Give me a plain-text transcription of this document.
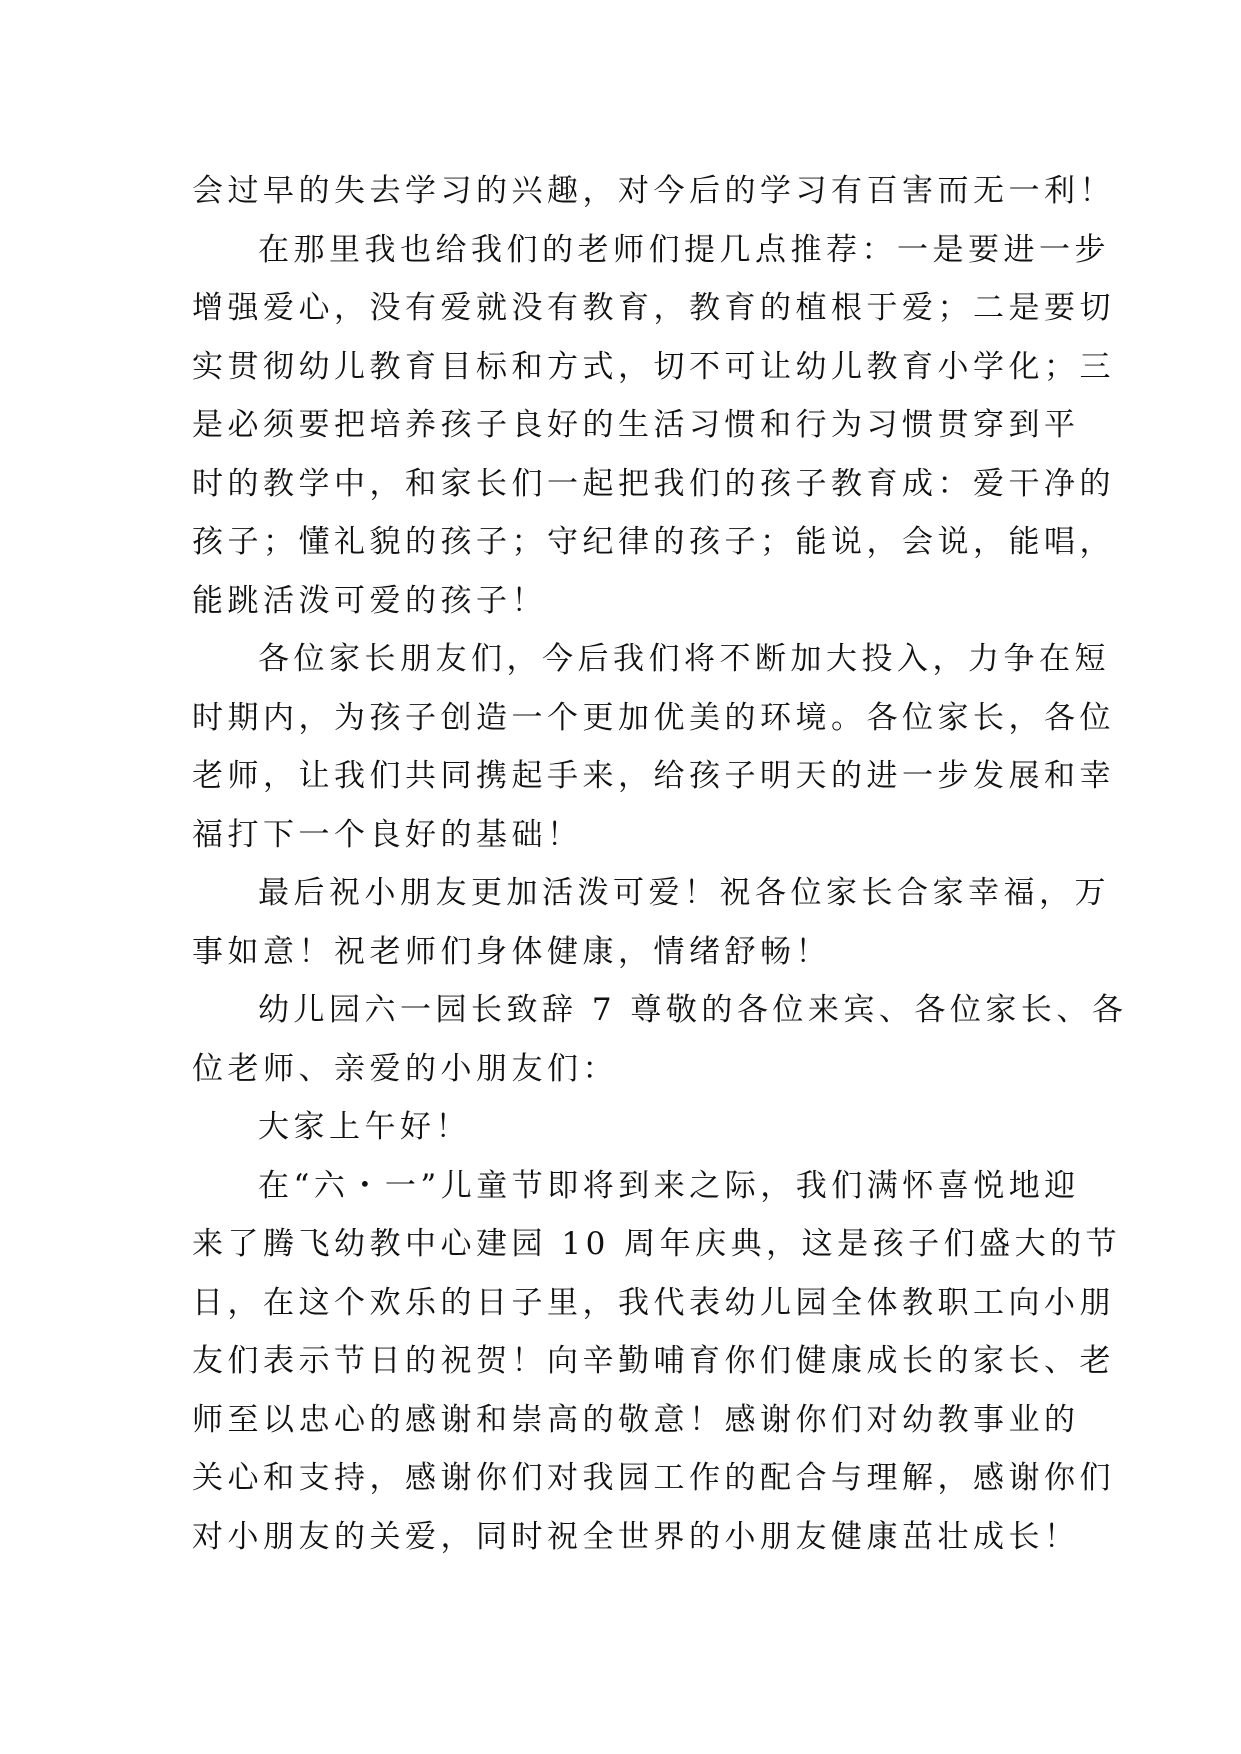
会过早的失去学习的兴趣，对今后的学习有百害而无一利！
在那里我也给我们的老师们提几点推荐：一是要进一步
增强爱心，没有爱就没有教育，教育的植根于爱；二是要切
实贯彻幼儿教育目标和方式，切不可让幼儿教育小学化；三
是必须要把培养孩子良好的生活习惯和行为习惯贯穿到平
时的教学中，和家长们一起把我们的孩子教育成：爱干净的
孩子；懂礼貌的孩子；守纪律的孩子；能说，会说，能唱，
能跳活泼可爱的孩子！
各位家长朋友们，今后我们将不断加大投入，力争在短
时期内，为孩子创造一个更加优美的环境。各位家长，各位
老师，让我们共同携起手来，给孩子明天的进一步发展和幸
福打下一个良好的基础！
最后祝小朋友更加活泼可爱！祝各位家长合家幸福，万
事如意！祝老师们身体健康，情绪舒畅！
幼儿园六一园长致辞 7 尊敬的各位来宾、各位家长、各
位老师、亲爱的小朋友们：
大家上午好！
在“六・一”儿童节即将到来之际，我们满怀喜悦地迎
来了腾飞幼教中心建园 10 周年庆典，这是孩子们盛大的节
日，在这个欢乐的日子里，我代表幼儿园全体教职工向小朋
友们表示节日的祝贺！向辛勤哺育你们健康成长的家长、老
师至以忠心的感谢和崇高的敬意！感谢你们对幼教事业的
关心和支持，感谢你们对我园工作的配合与理解，感谢你们
对小朋友的关爱，同时祝全世界的小朋友健康茁壮成长！
